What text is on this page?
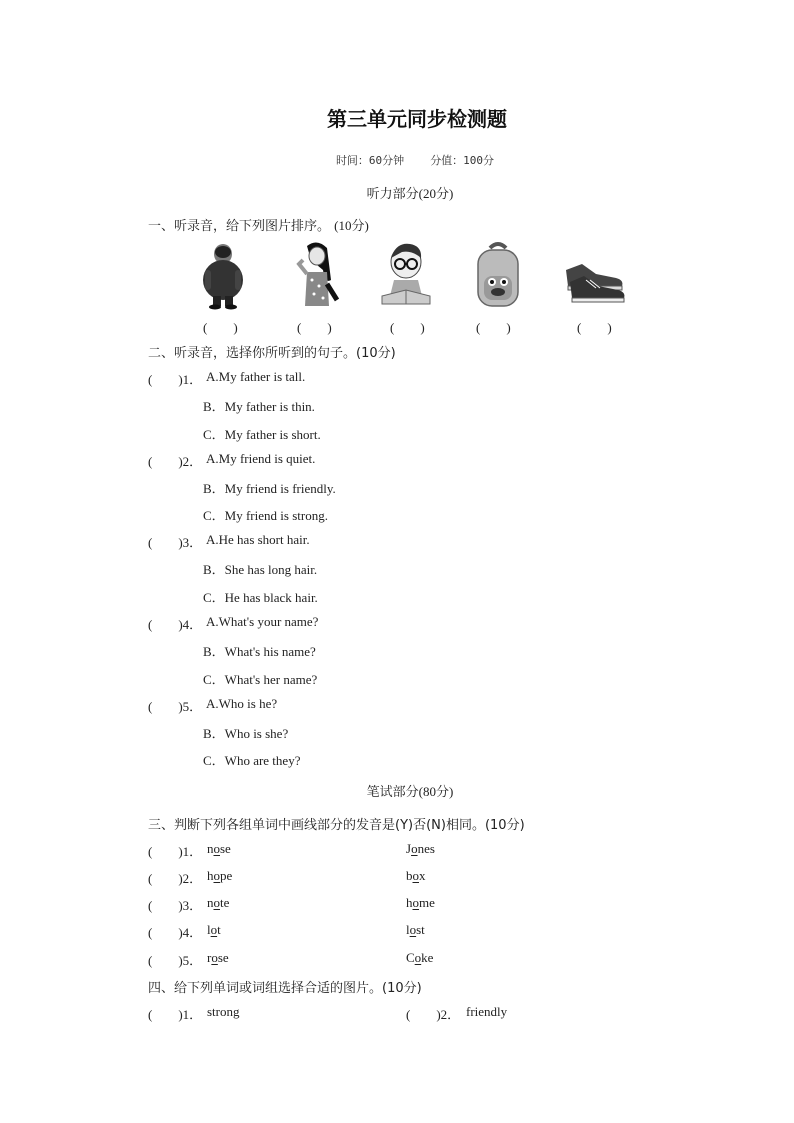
第三单元同步检测题
时间：60分钟 分值：100分
听力部分(20分)
一、听录音，给下列图片排序。 (10分)
(　　)	(　　)	(　　)	(　　)	(　　)
二、听录音，选择你所听到的句子。(10分)
(　　)1． A.My father is tall.
B．My father is thin.
C．My father is short.
(　　)2． A.My friend is quiet.
B．My friend is friendly.
C．My friend is strong.
(　　)3． A.He has short hair.
B．She has long hair.
C．He has black hair.
(　　)4． A.What's your name?
B．What's his name?
C．What's her name?
(　　)5． A.Who is he?
B．Who is she?
C．Who are they?
笔试部分(80分)
三、判断下列各组单词中画线部分的发音是(Y)否(N)相同。(10分)
(　　)1． nose	Jones
(　　)2． hope	box
(　　)3． note	home
(　　)4． lot	lost
(　　)5． rose	Coke
四、给下列单词或词组选择合适的图片。(10分)
(　　)1． strong	(　　)2． friendly
